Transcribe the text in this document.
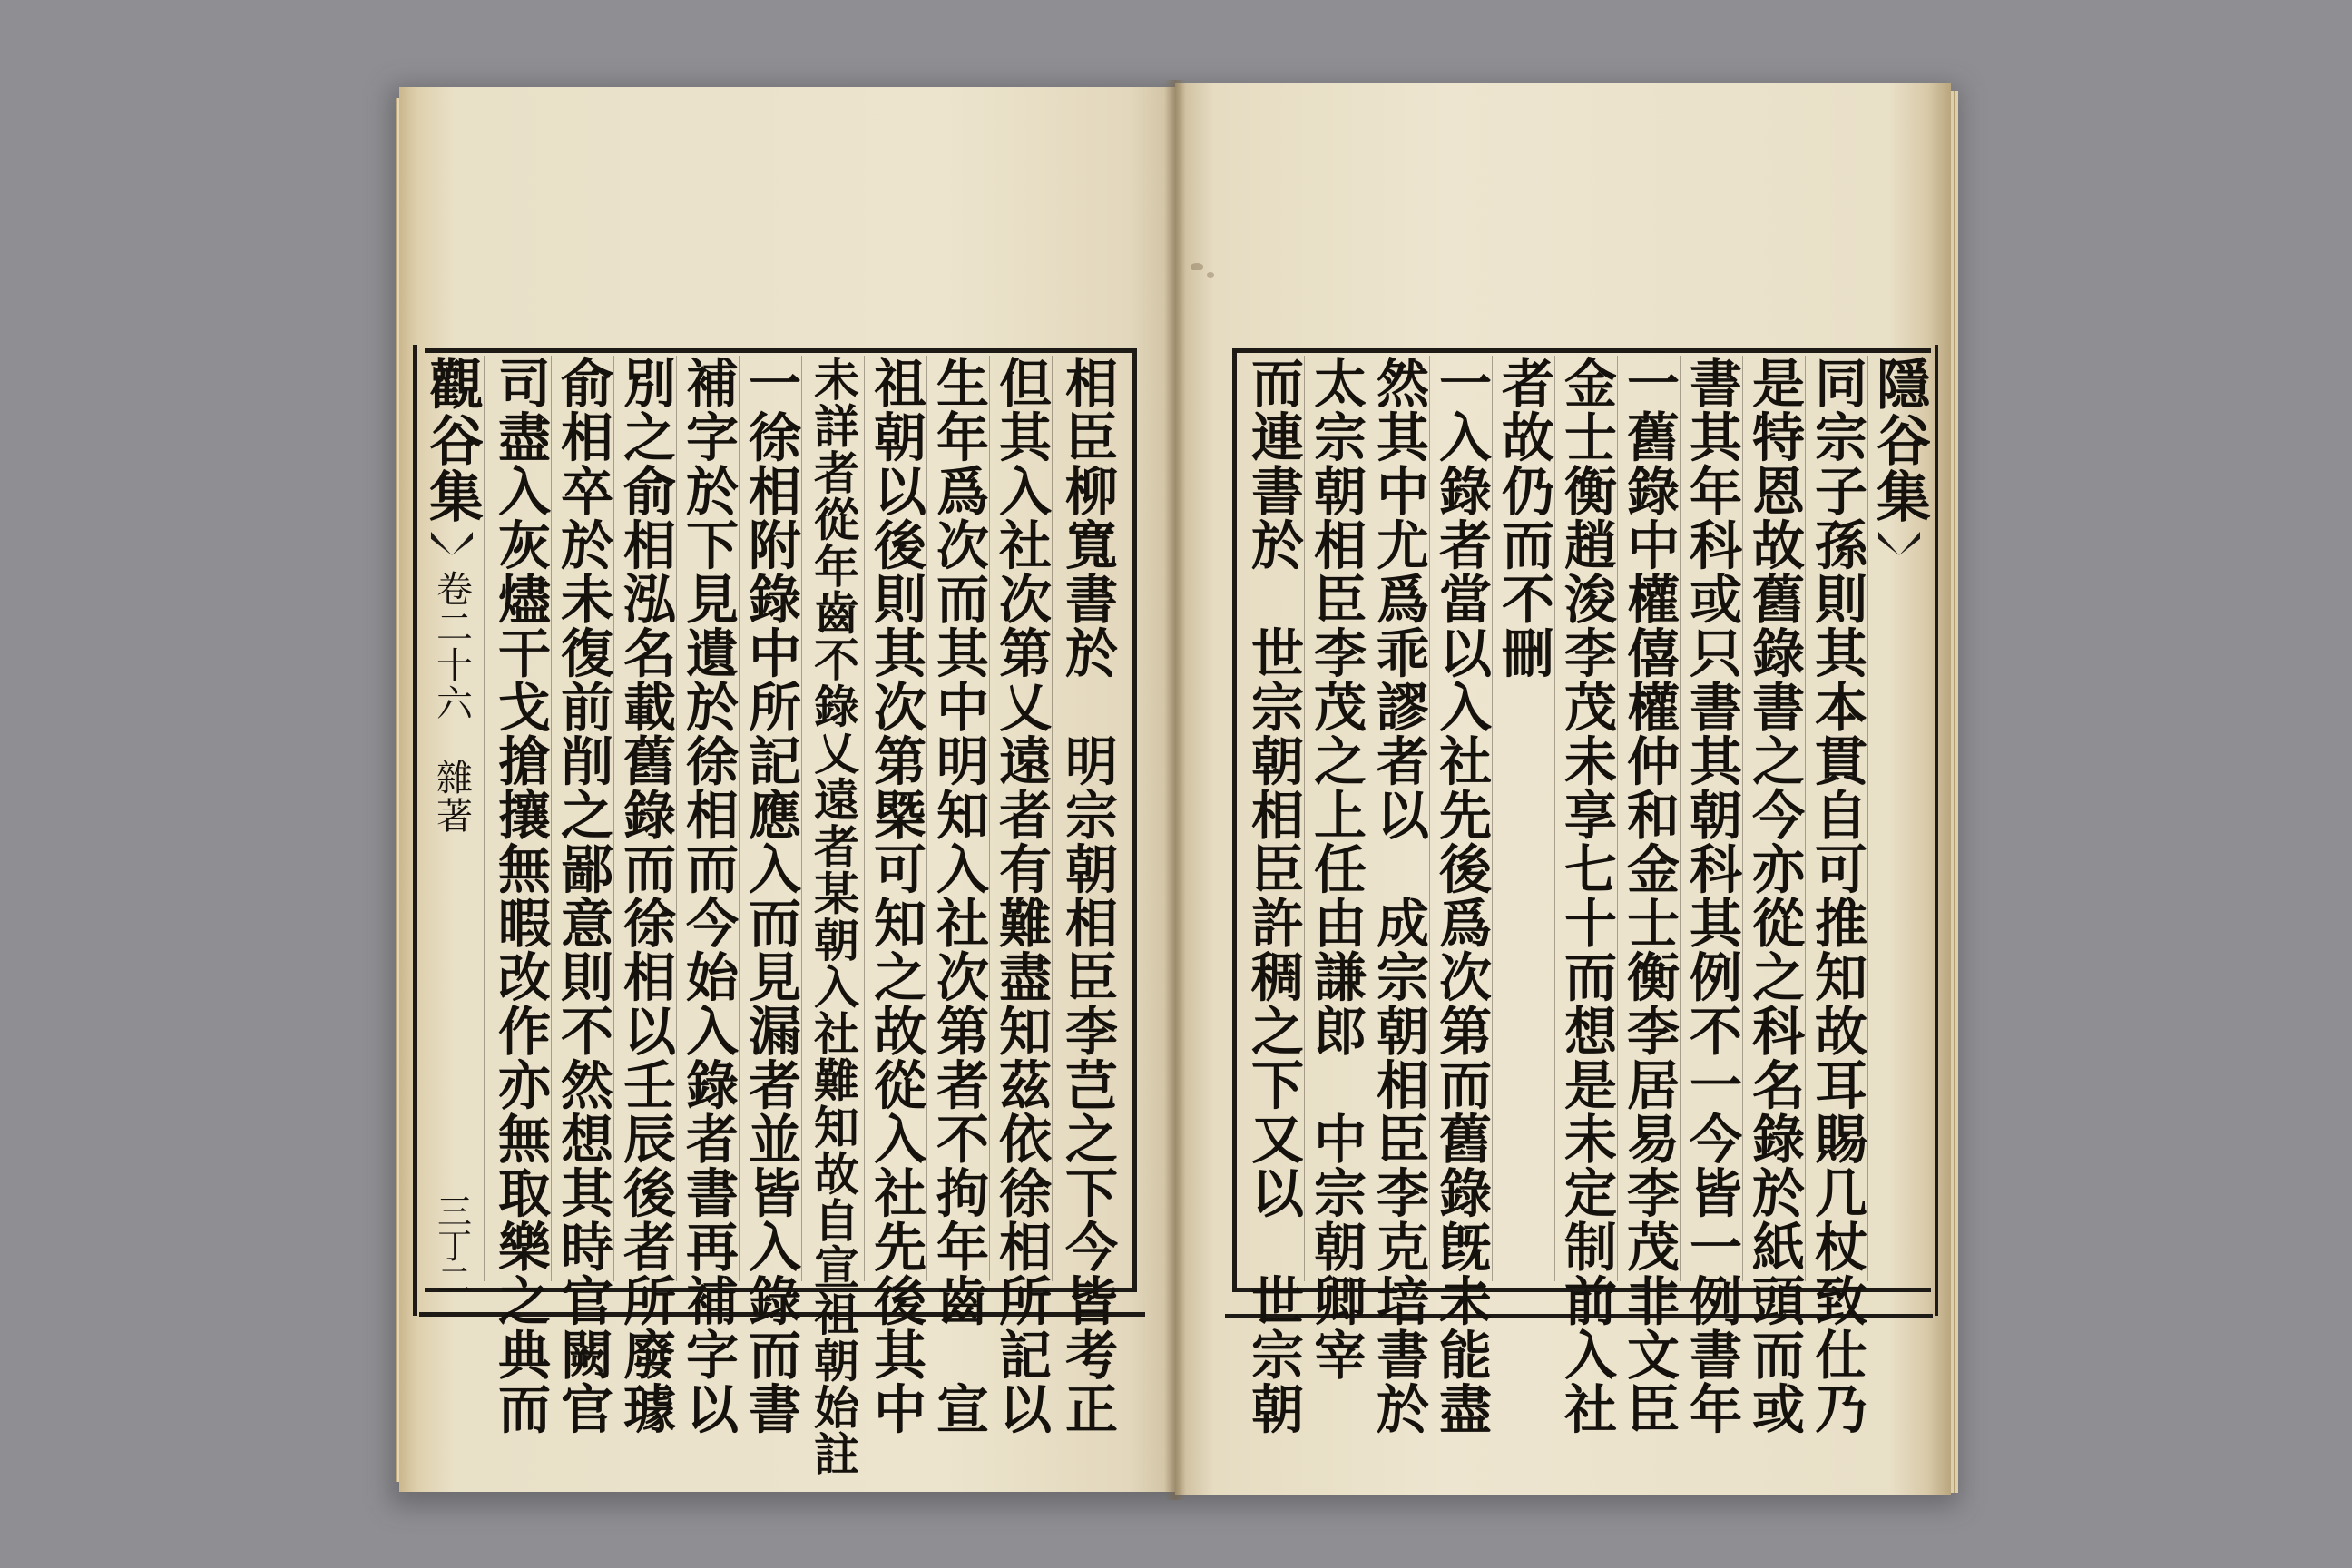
觀谷集
卷二十六
雜著
三丁二
隱谷集
司盡入灰燼干戈搶攘無暇改作亦無取樂之典而 俞相卒於未復前削之鄙意則不然想其時官闕官 別之俞相泓名載舊錄而徐相以壬辰後者所廢璩 補字於下見遺於徐相而今始入錄者書再補字以 一徐相附錄中所記應入而見漏者並皆入錄而書 未詳者從年齒不錄乂遠者某朝入社難知故自宣祖朝始註 祖朝以後則其次第槩可知之故從入社先後其中 生年爲次而其中明知入社次第者不拘年齒　宣 但其入社次第乂遠者有難盡知茲依徐相所記以 相臣柳寬書於　明宗朝相臣李芑之下今皆考正 而連書於　世宗朝相臣許稠之下又以　世宗朝 太宗朝相臣李茂之上任由謙郎　中宗朝卿宰 然其中尤爲乖謬者以　成宗朝相臣李克培書於 一入錄者當以入社先後爲次第而舊錄旣未能盡 者故仍而不刪 金士衡趙浚李茂未享七十而想是未定制前入社 一舊錄中權僖權仲和金士衡李居易李茂非文臣 書其年科或只書其朝科其例不一今皆一例書年 是特恩故舊錄書之今亦從之科名錄於紙頭而或 同宗子孫則其本貫自可推知故耳賜几杖致仕乃
